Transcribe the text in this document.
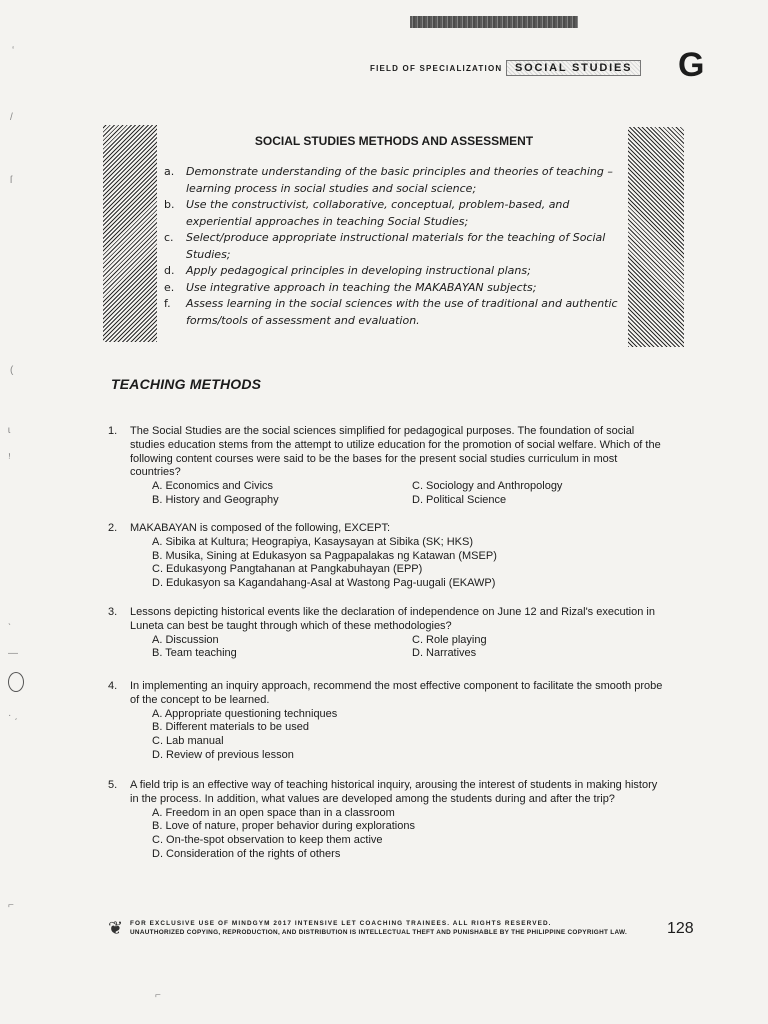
FIELD OF SPECIALIZATION	SOCIAL STUDIES G
SOCIAL STUDIES METHODS AND ASSESSMENT
a. Demonstrate understanding of the basic principles and theories of teaching – learning process in social studies and social science;
b. Use the constructivist, collaborative, conceptual, problem-based, and experiential approaches in teaching Social Studies;
c. Select/produce appropriate instructional materials for the teaching of Social Studies;
d. Apply pedagogical principles in developing instructional plans;
e. Use integrative approach in teaching the MAKABAYAN subjects;
f. Assess learning in the social sciences with the use of traditional and authentic forms/tools of assessment and evaluation.
TEACHING METHODS
1. The Social Studies are the social sciences simplified for pedagogical purposes. The foundation of social studies education stems from the attempt to utilize education for the promotion of social welfare. Which of the following content courses were said to be the bases for the present social studies curriculum in most countries?
A. Economics and Civics	C. Sociology and Anthropology
B. History and Geography	D. Political Science
2. MAKABAYAN is composed of the following, EXCEPT:
A. Sibika at Kultura; Heograpiya, Kasaysayan at Sibika (SK; HKS)
B. Musika, Sining at Edukasyon sa Pagpapalakas ng Katawan (MSEP)
C. Edukasyong Pangtahanan at Pangkabuhayan (EPP)
D. Edukasyon sa Kagandahang-Asal at Wastong Pag-uugali (EKAWP)
3. Lessons depicting historical events like the declaration of independence on June 12 and Rizal's execution in Luneta can best be taught through which of these methodologies?
A. Discussion	C. Role playing
B. Team teaching	D. Narratives
4. In implementing an inquiry approach, recommend the most effective component to facilitate the smooth probe of the concept to be learned.
A. Appropriate questioning techniques
B. Different materials to be used
C. Lab manual
D. Review of previous lesson
5. A field trip is an effective way of teaching historical inquiry, arousing the interest of students in making history in the process. In addition, what values are developed among the students during and after the trip?
A. Freedom in an open space than in a classroom
B. Love of nature, proper behavior during explorations
C. On-the-spot observation to keep them active
D. Consideration of the rights of others
❦ FOR EXCLUSIVE USE OF MINDGYM 2017 INTENSIVE LET COACHING TRAINEES. ALL RIGHTS RESERVED.
UNAUTHORIZED COPYING, REPRODUCTION, AND DISTRIBUTION IS INTELLECTUAL THEFT AND PUNISHABLE BY THE PHILIPPINE COPYRIGHT LAW.	128
‘
/
ſ
(
ɩ
ꜝ
ˎ
—
· ˏ
⌐
⌐
